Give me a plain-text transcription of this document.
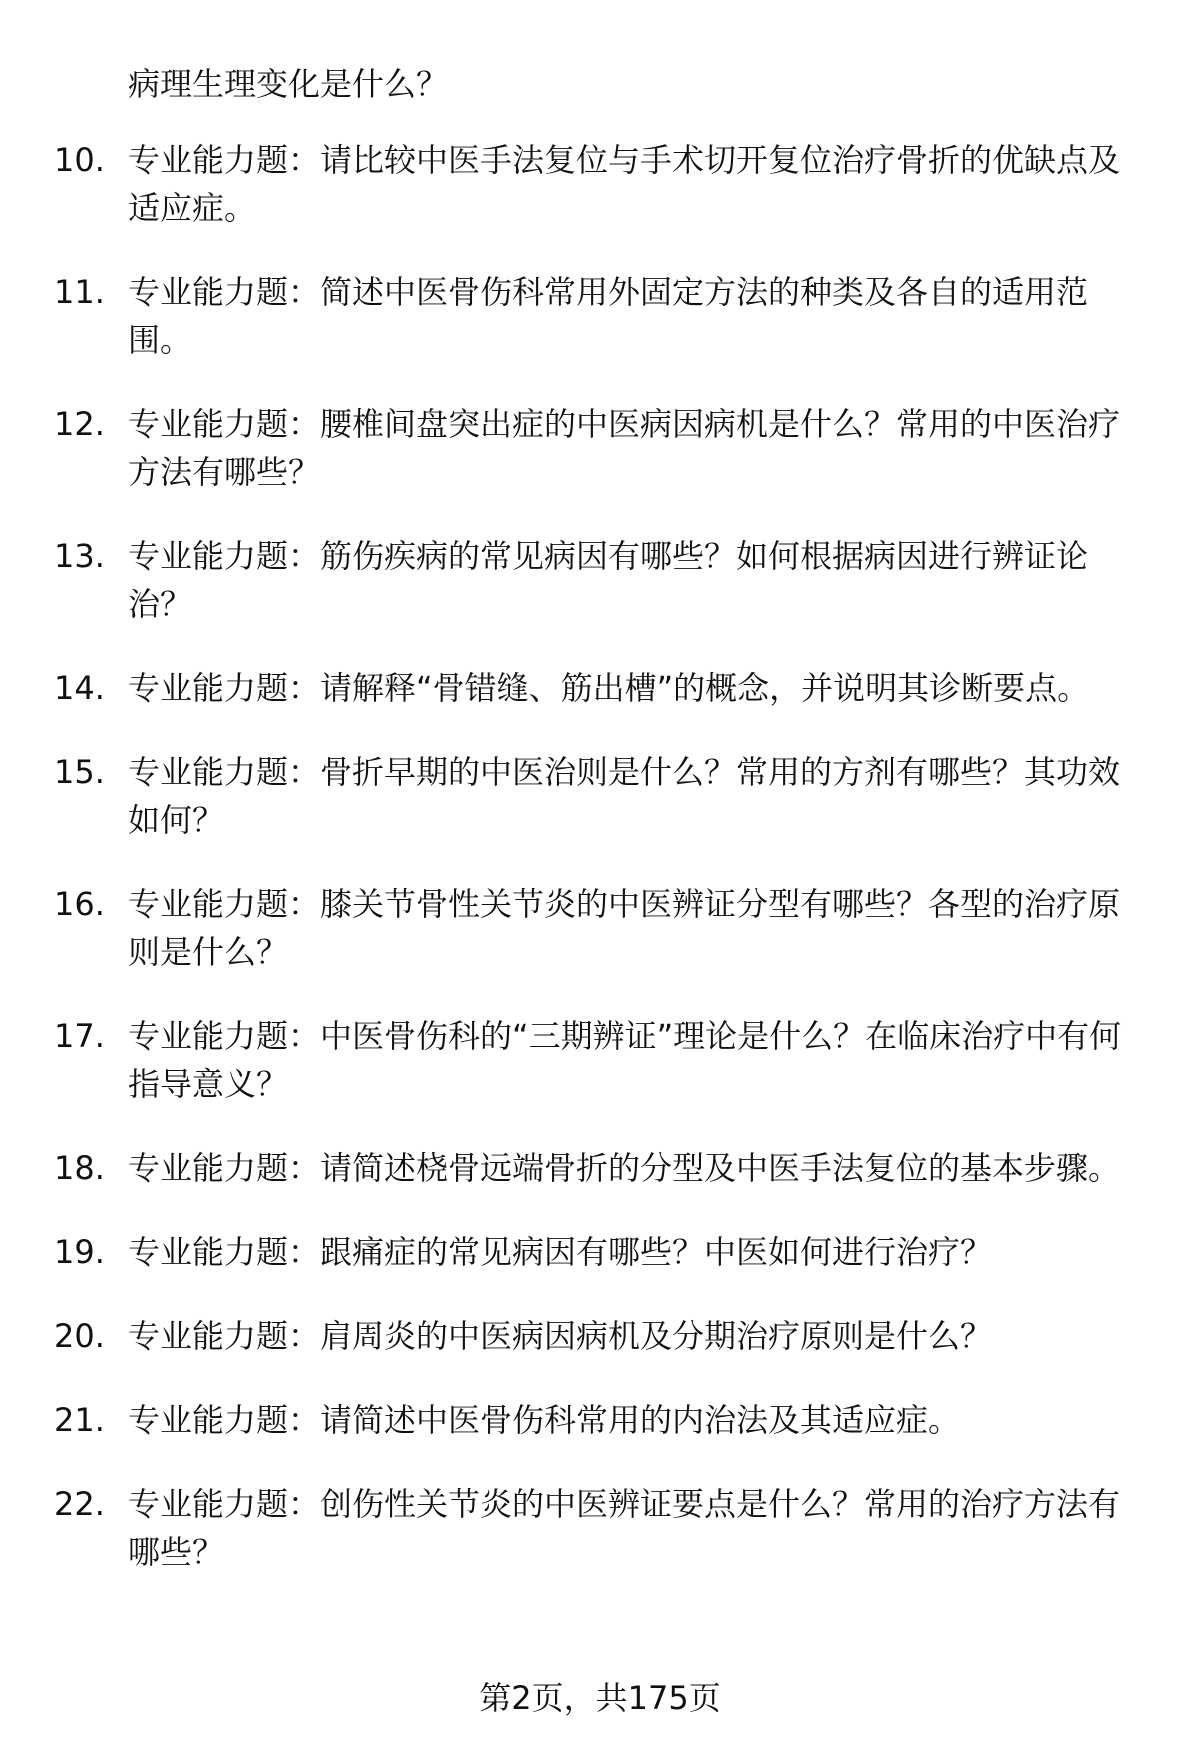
病理生理变化是什么？
10. 专业能力题：请比较中医手法复位与手术切开复位治疗骨折的优缺点及适应症。
11. 专业能力题：简述中医骨伤科常用外固定方法的种类及各自的适用范围。
12. 专业能力题：腰椎间盘突出症的中医病因病机是什么？常用的中医治疗方法有哪些？
13. 专业能力题：筋伤疾病的常见病因有哪些？如何根据病因进行辨证论治？
14. 专业能力题：请解释“骨错缝、筋出槽”的概念，并说明其诊断要点。
15. 专业能力题：骨折早期的中医治则是什么？常用的方剂有哪些？其功效如何？
16. 专业能力题：膝关节骨性关节炎的中医辨证分型有哪些？各型的治疗原则是什么？
17. 专业能力题：中医骨伤科的“三期辨证”理论是什么？在临床治疗中有何指导意义？
18. 专业能力题：请简述桡骨远端骨折的分型及中医手法复位的基本步骤。
19. 专业能力题：跟痛症的常见病因有哪些？中医如何进行治疗？
20. 专业能力题：肩周炎的中医病因病机及分期治疗原则是什么？
21. 专业能力题：请简述中医骨伤科常用的内治法及其适应症。
22. 专业能力题：创伤性关节炎的中医辨证要点是什么？常用的治疗方法有哪些？
第2页，共175页
